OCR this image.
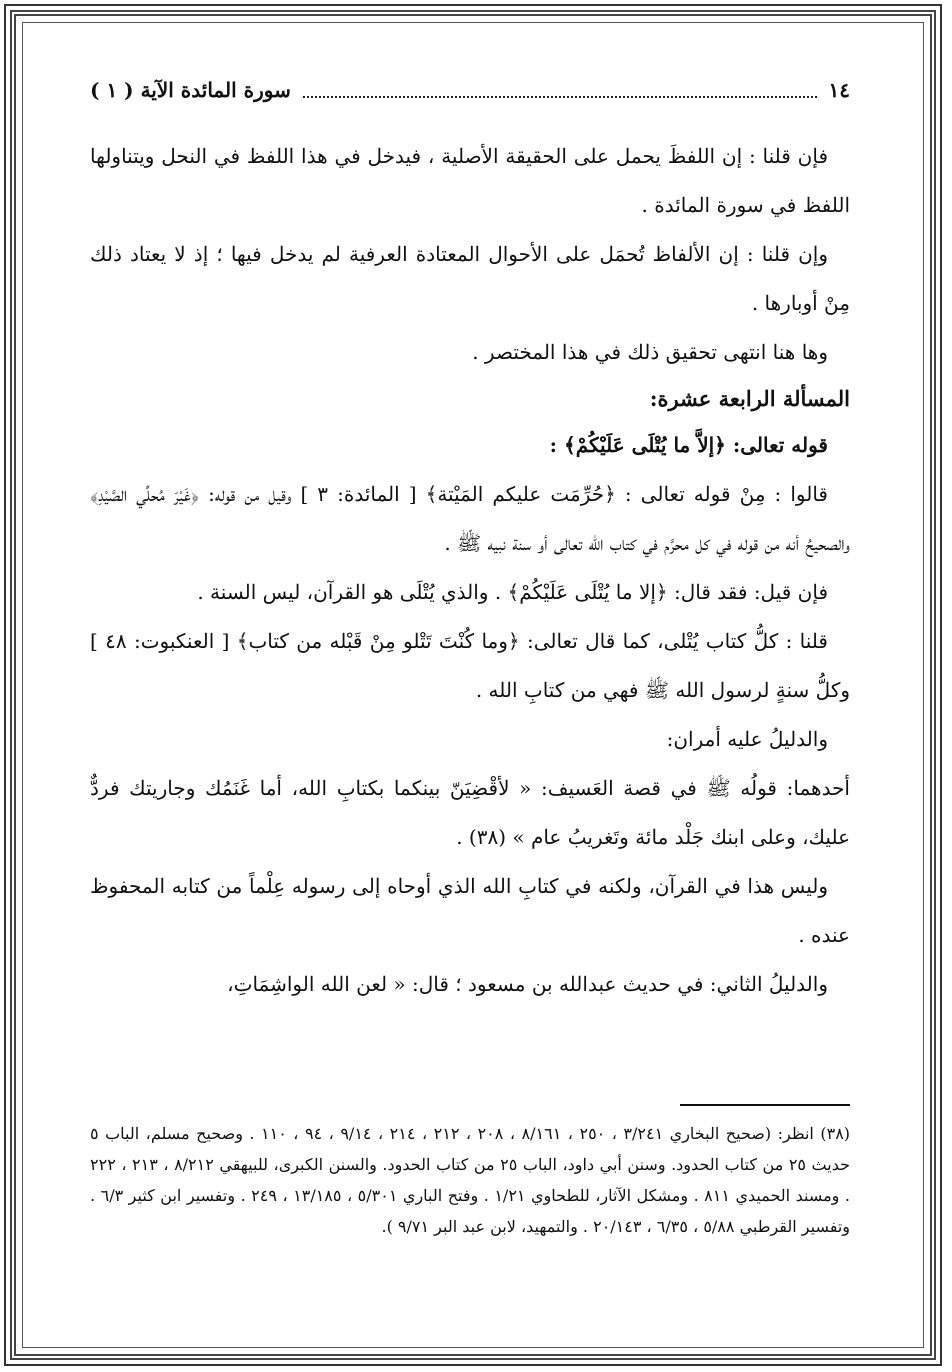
١٤
سورة المائدة الآية ( ١ )

فإن قلنا : إن اللفظَ يحمل على الحقيقة الأصلية ، فيدخل في هذا اللفظ في النحل ويتناولها اللفظ في سورة المائدة .

وإن قلنا : إن الألفاظ تُحمَل على الأحوال المعتادة العرفية لم يدخل فيها ؛ إذ لا يعتاد ذلك مِنْ أوبارها .

وها هنا انتهى تحقيق ذلك في هذا المختصر .

المسألة الرابعة عشرة:

قوله تعالى: ﴿إلاَّ ما يُتْلَى عَلَيْكُمْ﴾ :

قالوا : مِنْ قوله تعالى : ﴿حُرِّمَت عليكم المَيْتة﴾ [ المائدة: ٣ ] وقيل من قوله: ﴿غَيْرَ مُحلِّي الصَّيْدِ﴾ والصحيحُ أنه من قوله في كل محرَّم في كتاب الله تعالى أو سنة نبيه ﷺ .

فإن قيل: فقد قال: ﴿إلا ما يُتْلَى عَلَيْكُمْ﴾ . والذي يُتْلَى هو القرآن، ليس السنة .

قلنا : كلُّ كتاب يُتْلى، كما قال تعالى: ﴿وما كُنْتَ تَتْلو مِنْ قَبْله من كتاب﴾ [ العنكبوت: ٤٨ ] وكلُّ سنةٍ لرسول الله ﷺ فهي من كتابِ الله .

والدليلُ عليه أمران:

أحدهما: قولُه ﷺ في قصة العَسيف: « لأقْضِيَنّ بينكما بكتابِ الله، أما غَنَمُك وجاريتك فردٌّ عليك، وعلى ابنك جَلْد مائة وتَغريبُ عام » (٣٨) .

وليس هذا في القرآن، ولكنه في كتابِ الله الذي أوحاه إلى رسوله عِلْماً من كتابه المحفوظ عنده .

والدليلُ الثاني: في حديث عبدالله بن مسعود ؛ قال: « لعن الله الواشِمَاتِ،

(٣٨) انظر: (صحيح البخاري ٣/٢٤١ ، ٢٥٠ ، ٨/١٦١ ، ٢٠٨ ، ٢١٢ ، ٢١٤ ، ٩/١٤ ، ٩٤ ، ١١٠ . وصحيح مسلم، الباب ٥ حديث ٢٥ من كتاب الحدود. وسنن أبي داود، الباب ٢٥ من كتاب الحدود. والسنن الكبرى، للبيهقي ٨/٢١٢ ، ٢١٣ ، ٢٢٢ . ومسند الحميدي ٨١١ . ومشكل الآثار، للطحاوي ١/٢١ . وفتح الباري ٥/٣٠١ ، ١٣/١٨٥ ، ٢٤٩ . وتفسير ابن كثير ٦/٣ . وتفسير القرطبي ٥/٨٨ ، ٦/٣٥ ، ٢٠/١٤٣ . والتمهيد، لابن عبد البر ٩/٧١ ).
